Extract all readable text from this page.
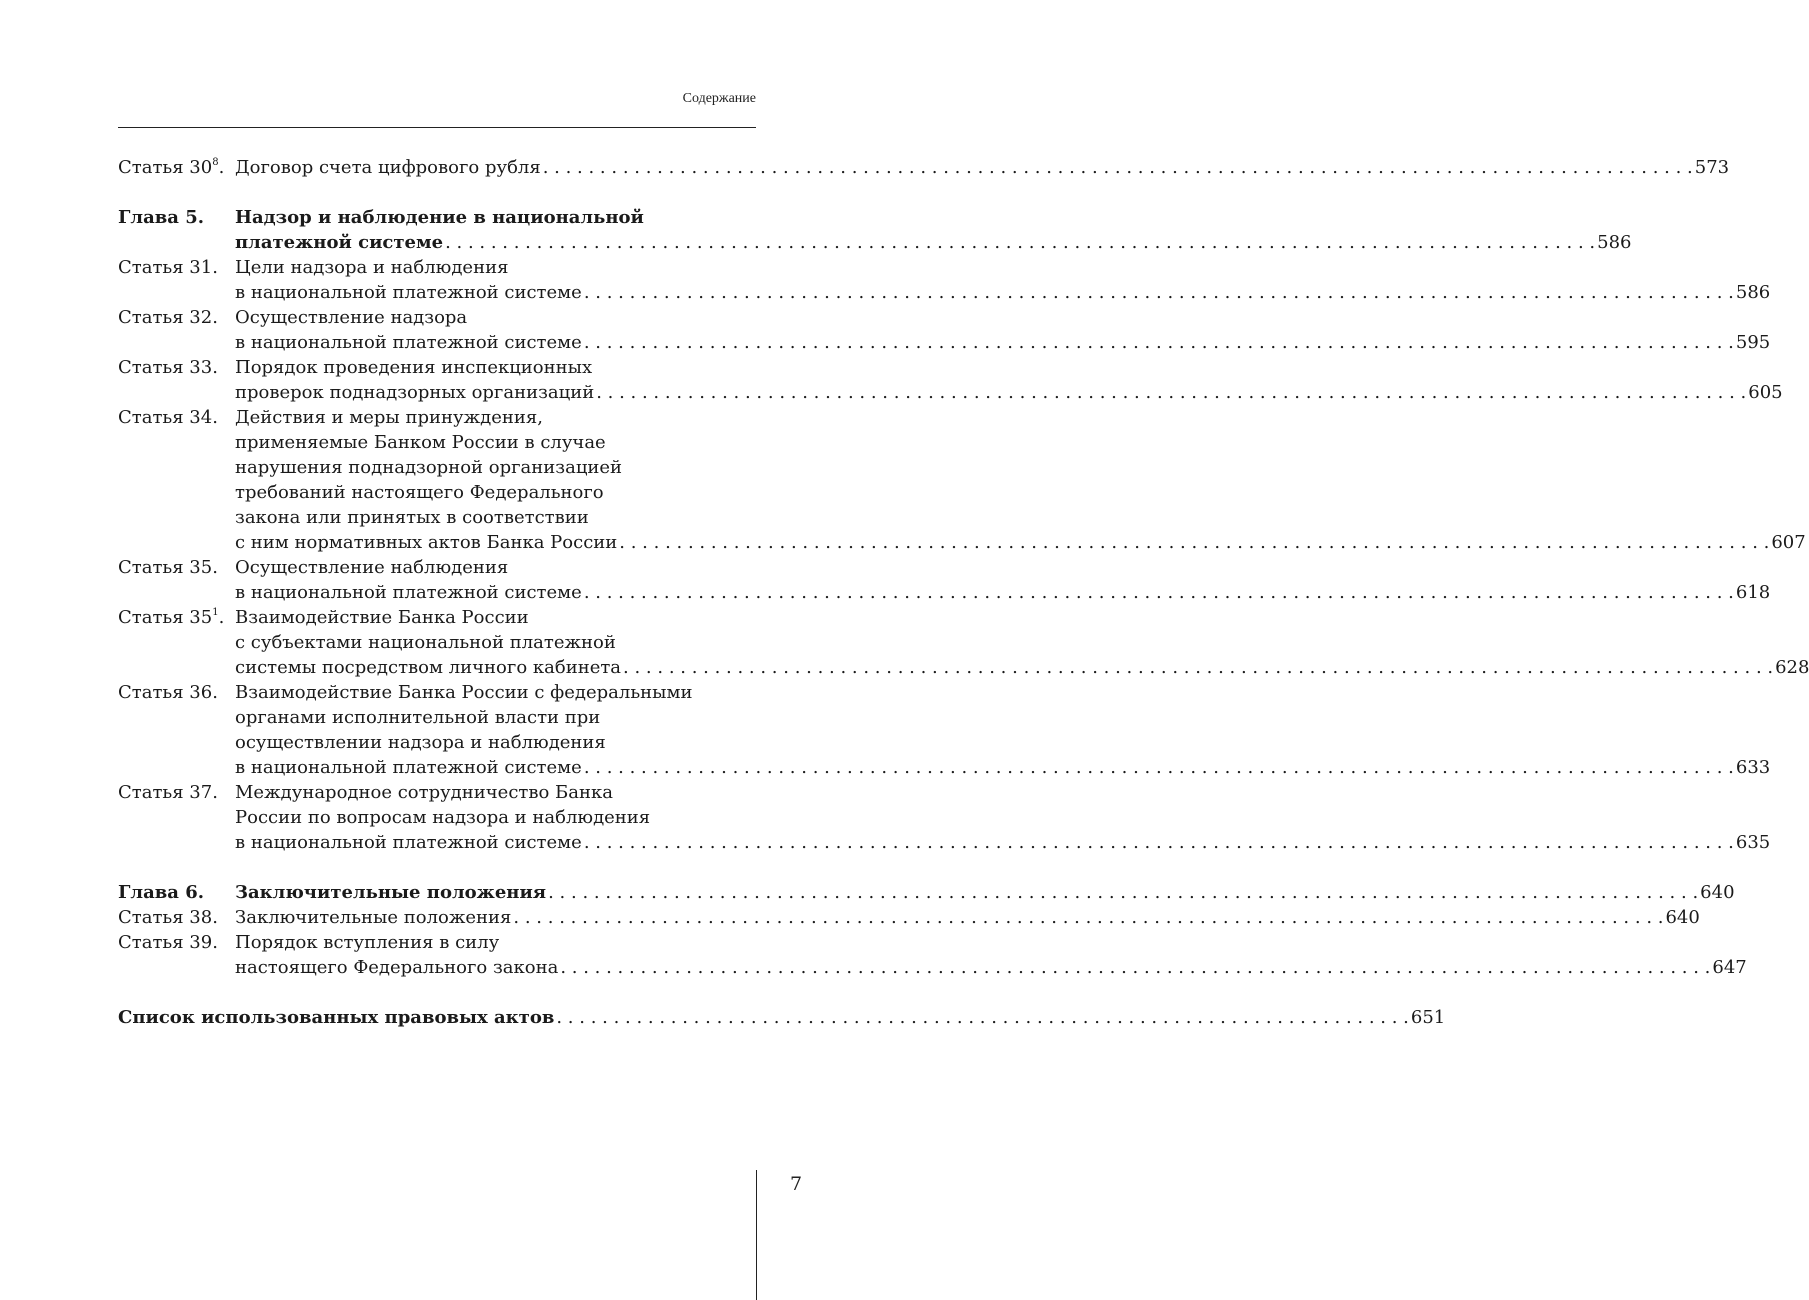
Содержание
Статья $30^8$. Договор счета цифрового рубля . . .	573
Глава 5.	Надзор и наблюдение в национальной
платежной системе . . .	586
Статья 31. Цели надзора и наблюдения
в национальной платежной системе . . .	586
Статья 32. Осуществление надзора
в национальной платежной системе . . .	595
Статья 33. Порядок проведения инспекционных
проверок поднадзорных организаций . . .	605
Статья 34. Действия и меры принуждения,
применяемые Банком России в случае
нарушения поднадзорной организацией
требований настоящего Федерального
закона или принятых в соответствии
с ним нормативных актов Банка России . . .	607
Статья 35. Осуществление наблюдения
в национальной платежной системе . . .	618
Статья $35^1$. Взаимодействие Банка России
с субъектами национальной платежной
системы посредством личного кабинета . . .	628
Статья 36. Взаимодействие Банка России с федеральными
органами исполнительной власти при
осуществлении надзора и наблюдения
в национальной платежной системе . . .	633
Статья 37. Международное сотрудничество Банка
России по вопросам надзора и наблюдения
в национальной платежной системе . . .	635
Глава 6.	Заключительные положения . . .	640
Статья 38. Заключительные положения . . .	640
Статья 39. Порядок вступления в силу
настоящего Федерального закона . . .	647
Список использованных правовых актов . . .	651
7
